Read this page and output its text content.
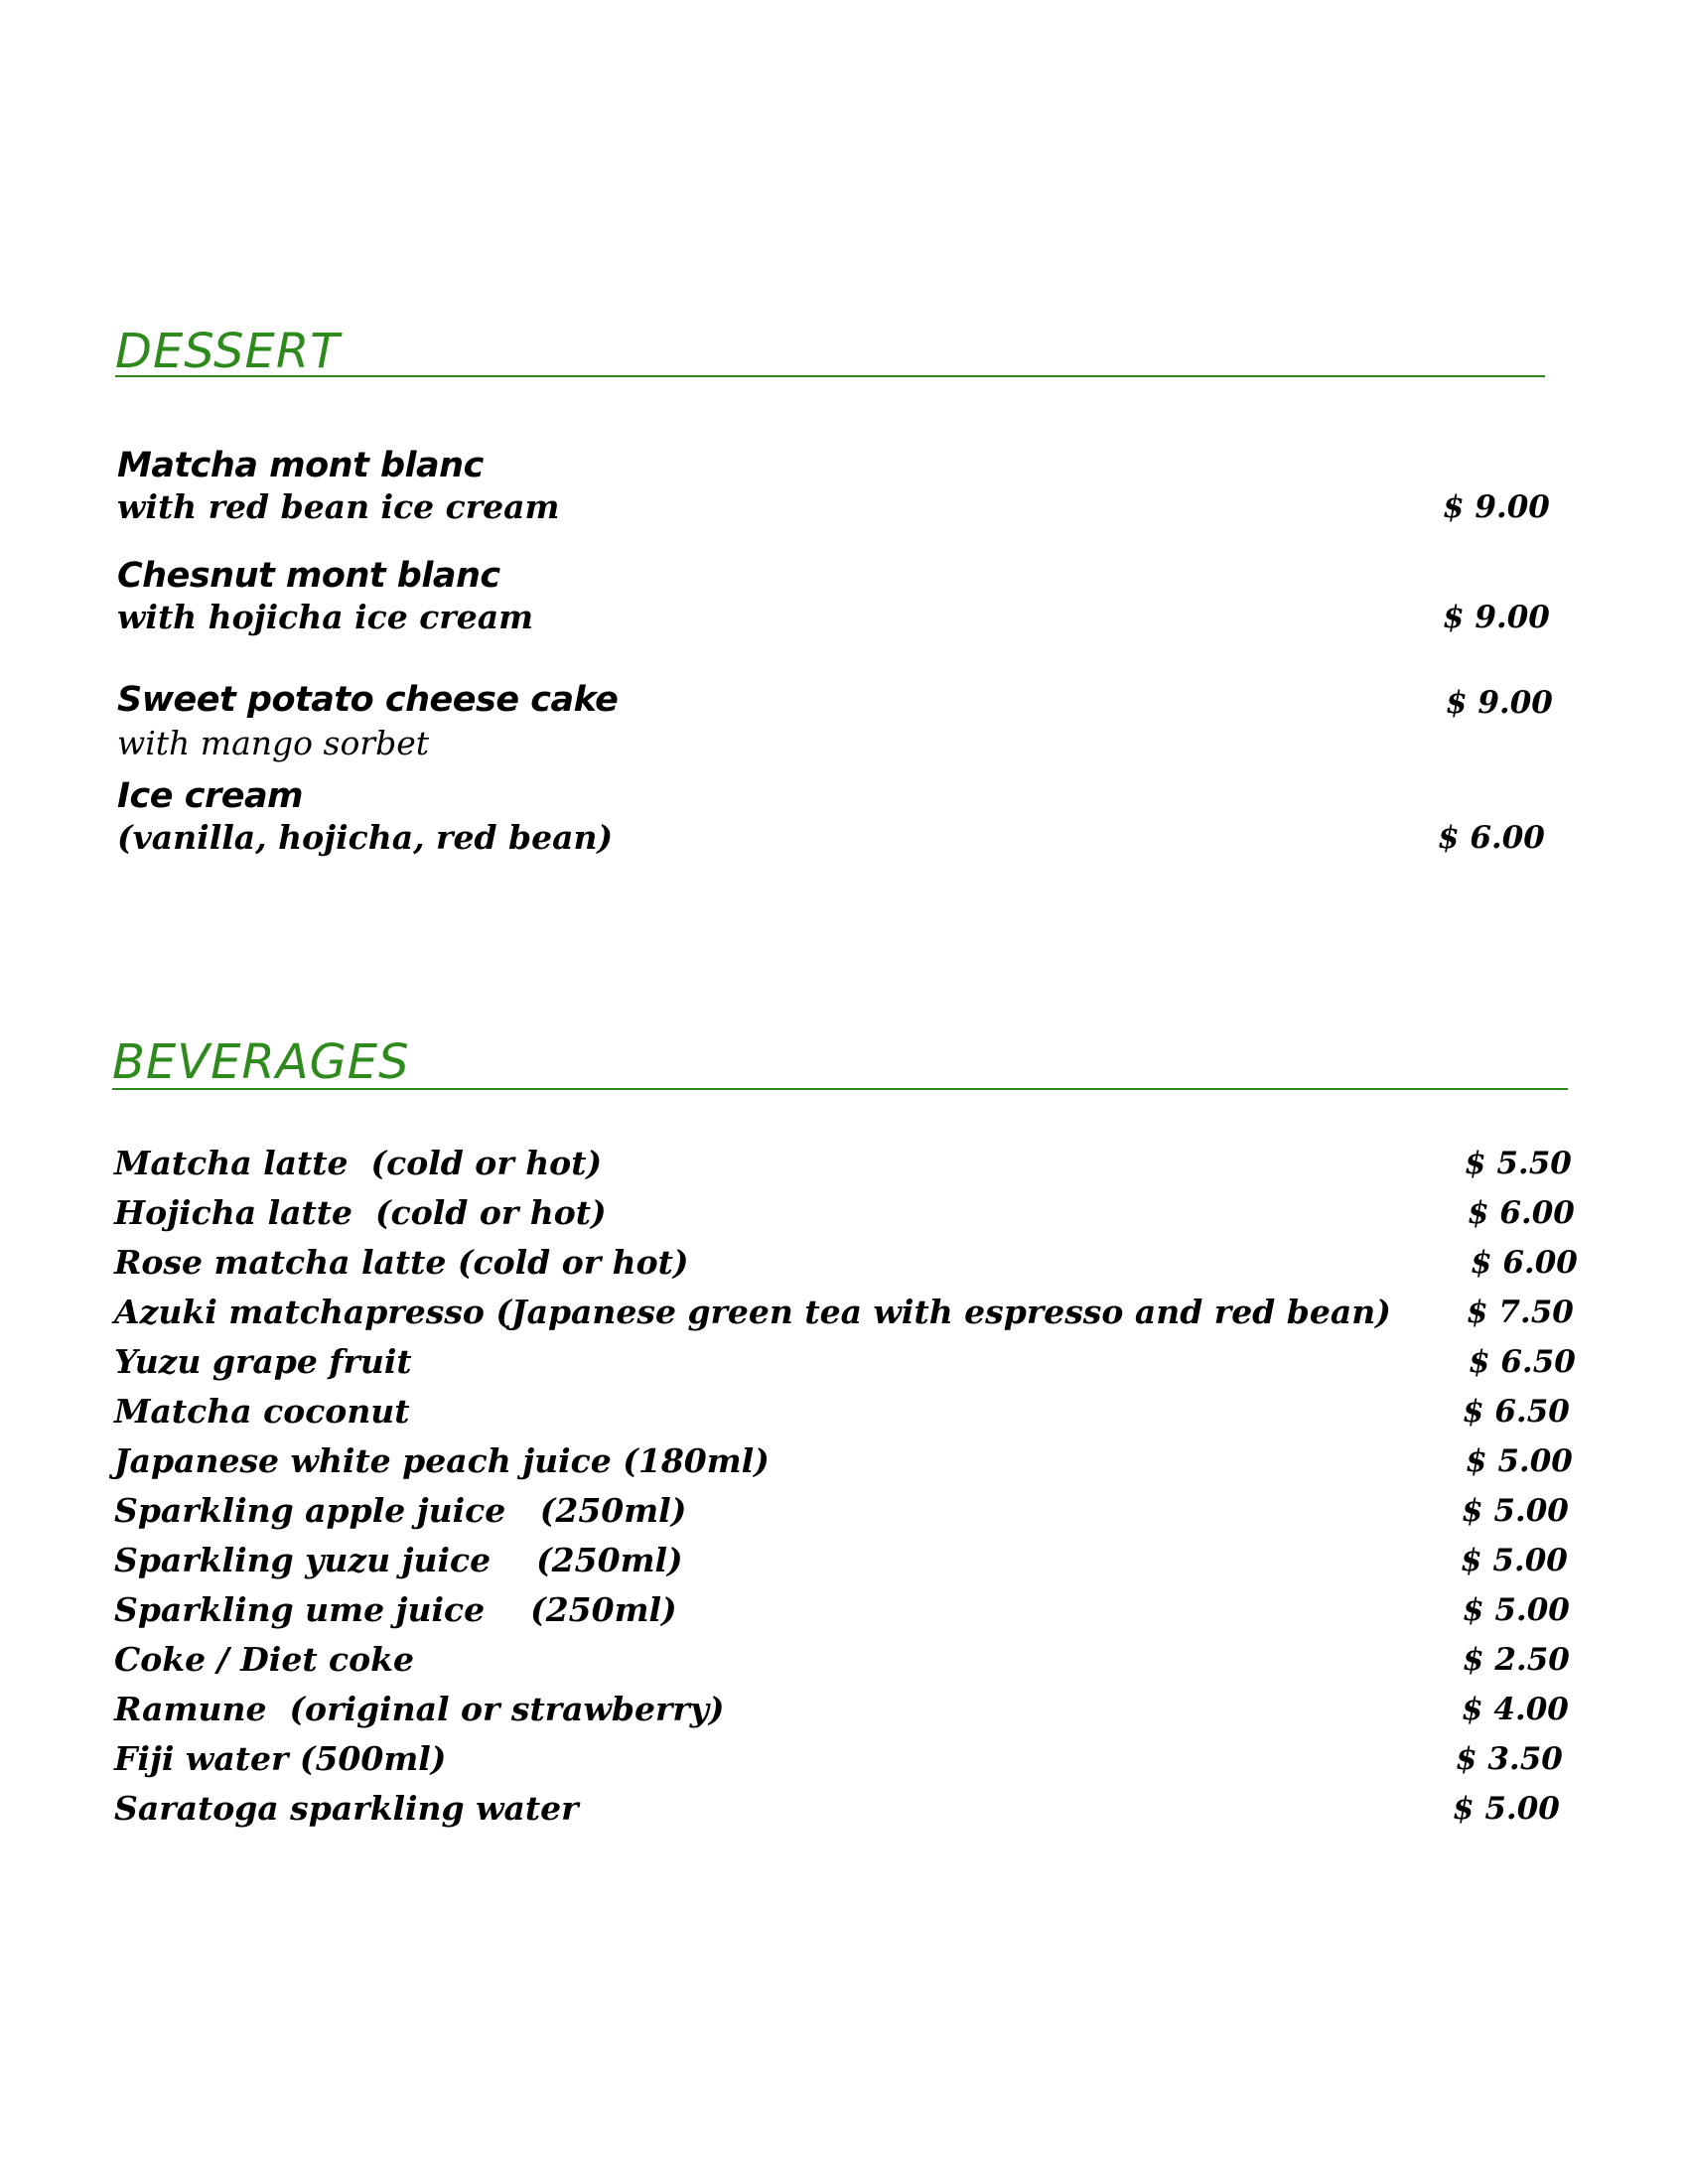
DESSERT
Matcha mont blanc
with red bean ice cream	$ 9.00
Chesnut mont blanc
with hojicha ice cream	$ 9.00
Sweet potato cheese cake
with mango sorbet
$ 9.00
Ice cream
(vanilla, hojicha, red bean)	$ 6.00
BEVERAGES
Matcha latte  (cold or hot)	$ 5.50
Hojicha latte  (cold or hot)	$ 6.00
Rose matcha latte (cold or hot)	$ 6.00
Azuki matchapresso (Japanese green tea with espresso and red bean) $ 7.50
Yuzu grape fruit	$ 6.50
Matcha coconut	$ 6.50
Japanese white peach juice (180ml)	$ 5.00
Sparkling apple juice   (250ml)	$ 5.00
Sparkling yuzu juice    (250ml)	$ 5.00
Sparkling ume juice    (250ml)	$ 5.00
Coke / Diet coke	$ 2.50
Ramune  (original or strawberry)	$ 4.00
Fiji water (500ml)	$ 3.50
Saratoga sparkling water	$ 5.00
